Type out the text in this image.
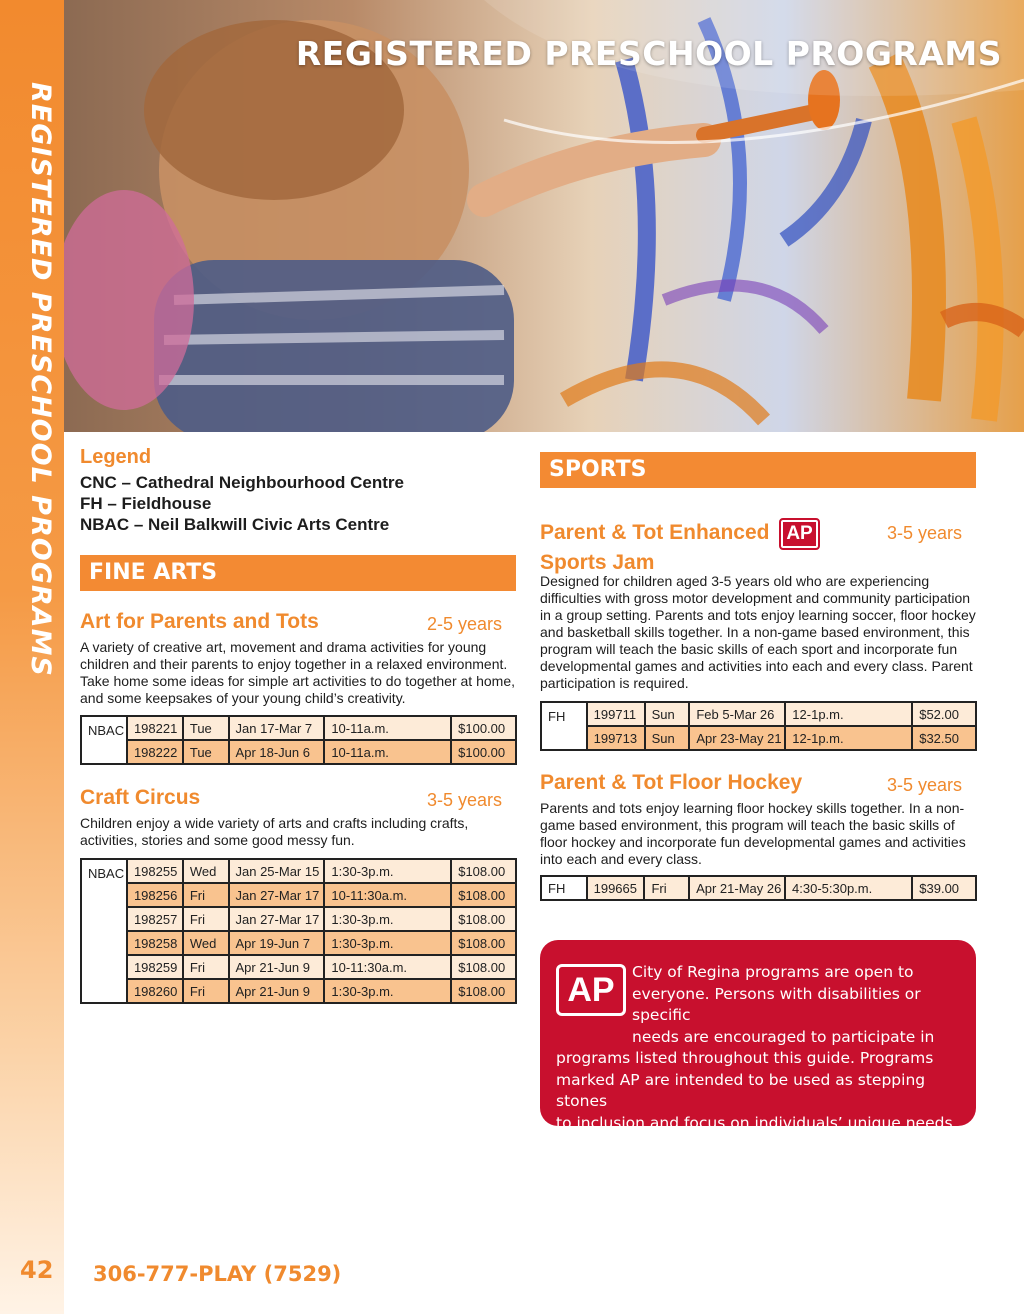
REGISTERED PRESCHOOL PROGRAMS
REGISTERED PRESCHOOL PROGRAMS
Legend
CNC – Cathedral Neighbourhood Centre
FH – Fieldhouse
NBAC – Neil Balkwill Civic Arts Centre
FINE ARTS
Art for Parents and Tots	2-5 years
A variety of creative art, movement and drama activities for young children and their parents to enjoy together in a relaxed environment. Take home some ideas for simple art activities to do together at home, and some keepsakes of your young child’s creativity.
NBAC	198221	Tue	Jan 17-Mar 7	10-11a.m.	$100.00
	198222	Tue	Apr 18-Jun 6	10-11a.m.	$100.00
Craft Circus	3-5 years
Children enjoy a wide variety of arts and crafts including crafts, activities, stories and some good messy fun.
NBAC	198255	Wed	Jan 25-Mar 15	1:30-3p.m.	$108.00
	198256	Fri	Jan 27-Mar 17	10-11:30a.m.	$108.00
	198257	Fri	Jan 27-Mar 17	1:30-3p.m.	$108.00
	198258	Wed	Apr 19-Jun 7	1:30-3p.m.	$108.00
	198259	Fri	Apr 21-Jun 9	10-11:30a.m.	$108.00
	198260	Fri	Apr 21-Jun 9	1:30-3p.m.	$108.00
SPORTS
Parent & Tot Enhanced AP
Sports Jam
3-5 years
Designed for children aged 3-5 years old who are experiencing difficulties with gross motor development and community participation in a group setting. Parents and tots enjoy learning soccer, floor hockey and basketball skills together. In a non-game based environment, this program will teach the basic skills of each sport and incorporate fun developmental games and activities into each and every class. Parent participation is required.
FH	199711	Sun	Feb 5-Mar 26	12-1p.m.	$52.00
	199713	Sun	Apr 23-May 21	12-1p.m.	$32.50
Parent & Tot Floor Hockey	3-5 years
Parents and tots enjoy learning floor hockey skills together. In a non-game based environment, this program will teach the basic skills of floor hockey and incorporate fun developmental games and activities into each and every class.
FH	199665	Fri	Apr 21-May 26	4:30-5:30p.m.	$39.00
AP	City of Regina programs are open to
everyone. Persons with disabilities or specific
needs are encouraged to participate in
programs listed throughout this guide. Programs
marked AP are intended to be used as stepping stones
to inclusion and focus on individuals’ unique needs.
42 306-777-PLAY (7529)
